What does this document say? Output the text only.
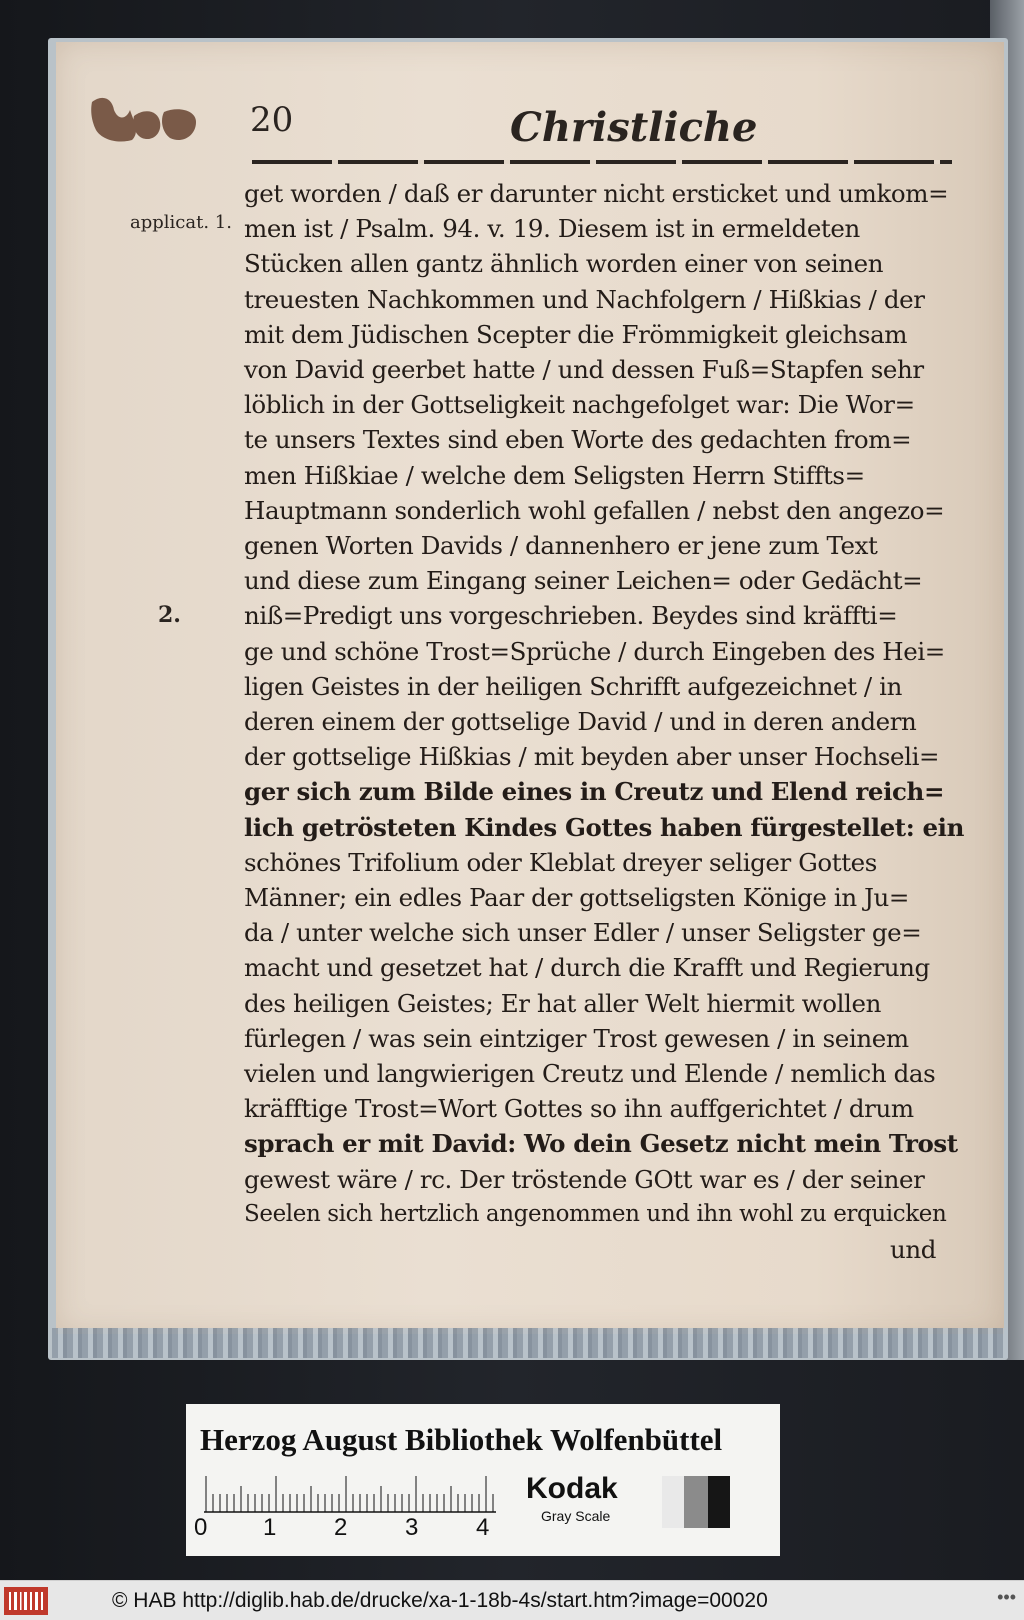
20	Christliche
applicat. 1.
2.
get worden / daß er darunter nicht ersticket und umkom=
men ist / Psalm. 94. v. 19. Diesem ist in ermeldeten
Stücken allen gantz ähnlich worden einer von seinen
treuesten Nachkommen und Nachfolgern / Hißkias / der
mit dem Jüdischen Scepter die Frömmigkeit gleichsam
von David geerbet hatte / und dessen Fuß=Stapfen sehr
löblich in der Gottseligkeit nachgefolget war: Die Wor=
te unsers Textes sind eben Worte des gedachten from=
men Hißkiae / welche dem Seligsten Herrn Stiffts=
Hauptmann sonderlich wohl gefallen / nebst den angezo=
genen Worten Davids / dannenhero er jene zum Text
und diese zum Eingang seiner Leichen= oder Gedächt=
niß=Predigt uns vorgeschrieben. Beydes sind kräffti=
ge und schöne Trost=Sprüche / durch Eingeben des Hei=
ligen Geistes in der heiligen Schrifft aufgezeichnet / in
deren einem der gottselige David / und in deren andern
der gottselige Hißkias / mit beyden aber unser Hochseli=
ger sich zum Bilde eines in Creutz und Elend reich=
lich getrösteten Kindes Gottes haben fürgestellet: ein
schönes Trifolium oder Kleblat dreyer seliger Gottes
Männer; ein edles Paar der gottseligsten Könige in Ju=
da / unter welche sich unser Edler / unser Seligster ge=
macht und gesetzet hat / durch die Krafft und Regierung
des heiligen Geistes; Er hat aller Welt hiermit wollen
fürlegen / was sein eintziger Trost gewesen / in seinem
vielen und langwierigen Creutz und Elende / nemlich das
kräfftige Trost=Wort Gottes so ihn auffgerichtet / drum
sprach er mit David: Wo dein Gesetz nicht mein Trost
gewest wäre / rc. Der tröstende GOtt war es / der seiner
Seelen sich hertzlich angenommen und ihn wohl zu erquicken
und
Herzog August Bibliothek Wolfenbüttel
0 1 2 3 4
Kodak
Gray Scale
© HAB http://diglib.hab.de/drucke/xa-1-18b-4s/start.htm?image=00020	•••
